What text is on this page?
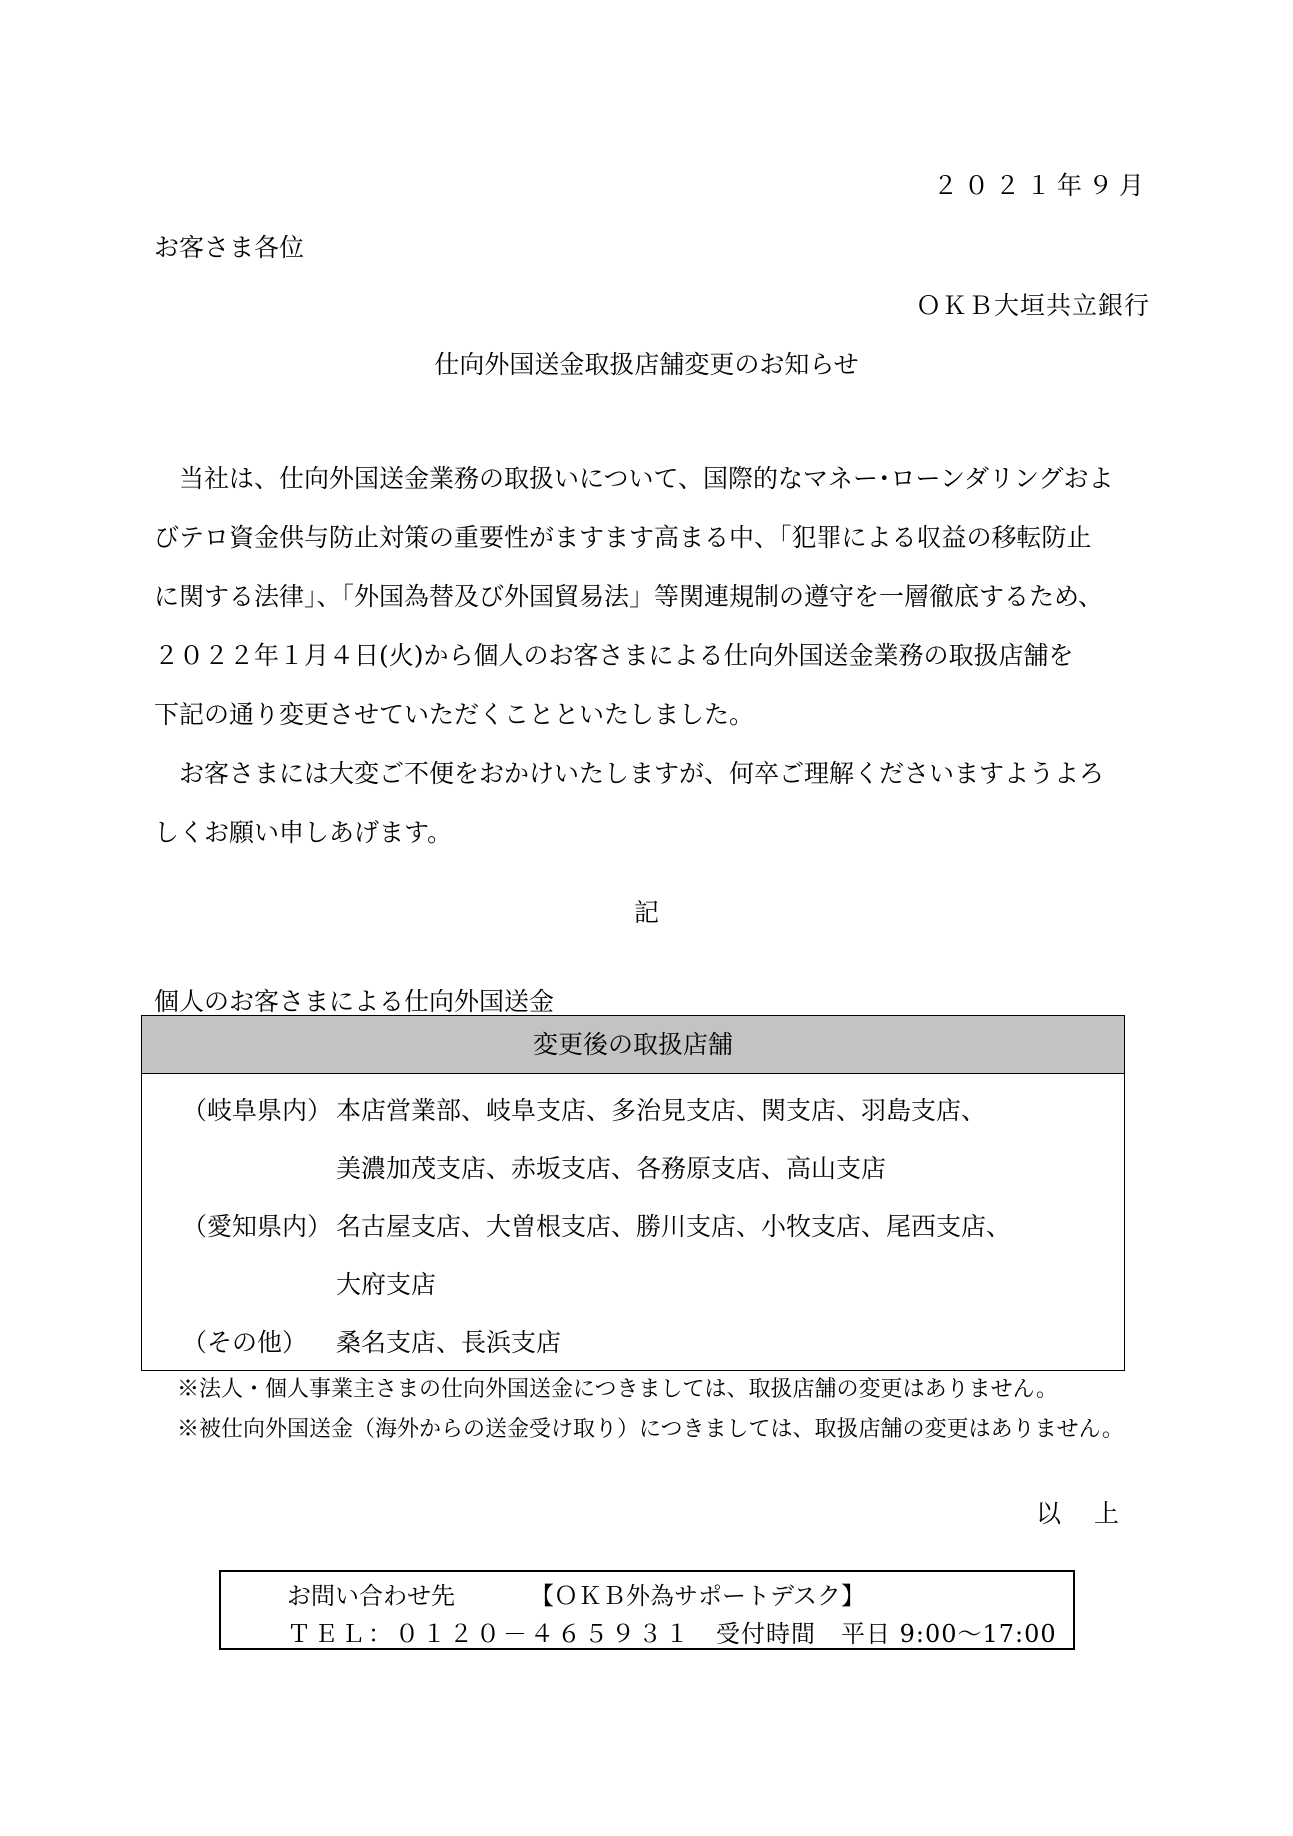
２０２１年９月
お客さま各位
ＯＫＢ大垣共立銀行
仕向外国送金取扱店舗変更のお知らせ
　当社は、仕向外国送金業務の取扱いについて、国際的なマネー･ローンダリングおよ
びテロ資金供与防止対策の重要性がますます高まる中、「犯罪による収益の移転防止
に関する法律」、「外国為替及び外国貿易法」等関連規制の遵守を一層徹底するため、
２０２２年１月４日(火)から個人のお客さまによる仕向外国送金業務の取扱店舗を
下記の通り変更させていただくことといたしました。
　お客さまには大変ご不便をおかけいたしますが、何卒ご理解くださいますようよろ
しくお願い申しあげます。
記
個人のお客さまによる仕向外国送金
変更後の取扱店舗
（岐阜県内） 本店営業部、岐阜支店、多治見支店、関支店、羽島支店、
美濃加茂支店、赤坂支店、各務原支店、高山支店
（愛知県内） 名古屋支店、大曽根支店、勝川支店、小牧支店、尾西支店、
大府支店
（その他） 桑名支店、長浜支店
※法人・個人事業主さまの仕向外国送金につきましては、取扱店舗の変更はありません。
※被仕向外国送金（海外からの送金受け取り）につきましては、取扱店舗の変更はありません。
以　上
お問い合わせ先	【ＯＫＢ外為サポートデスク】
ＴＥＬ：０１２０－４６５９３１ 受付時間　平日 9:00～17:00
